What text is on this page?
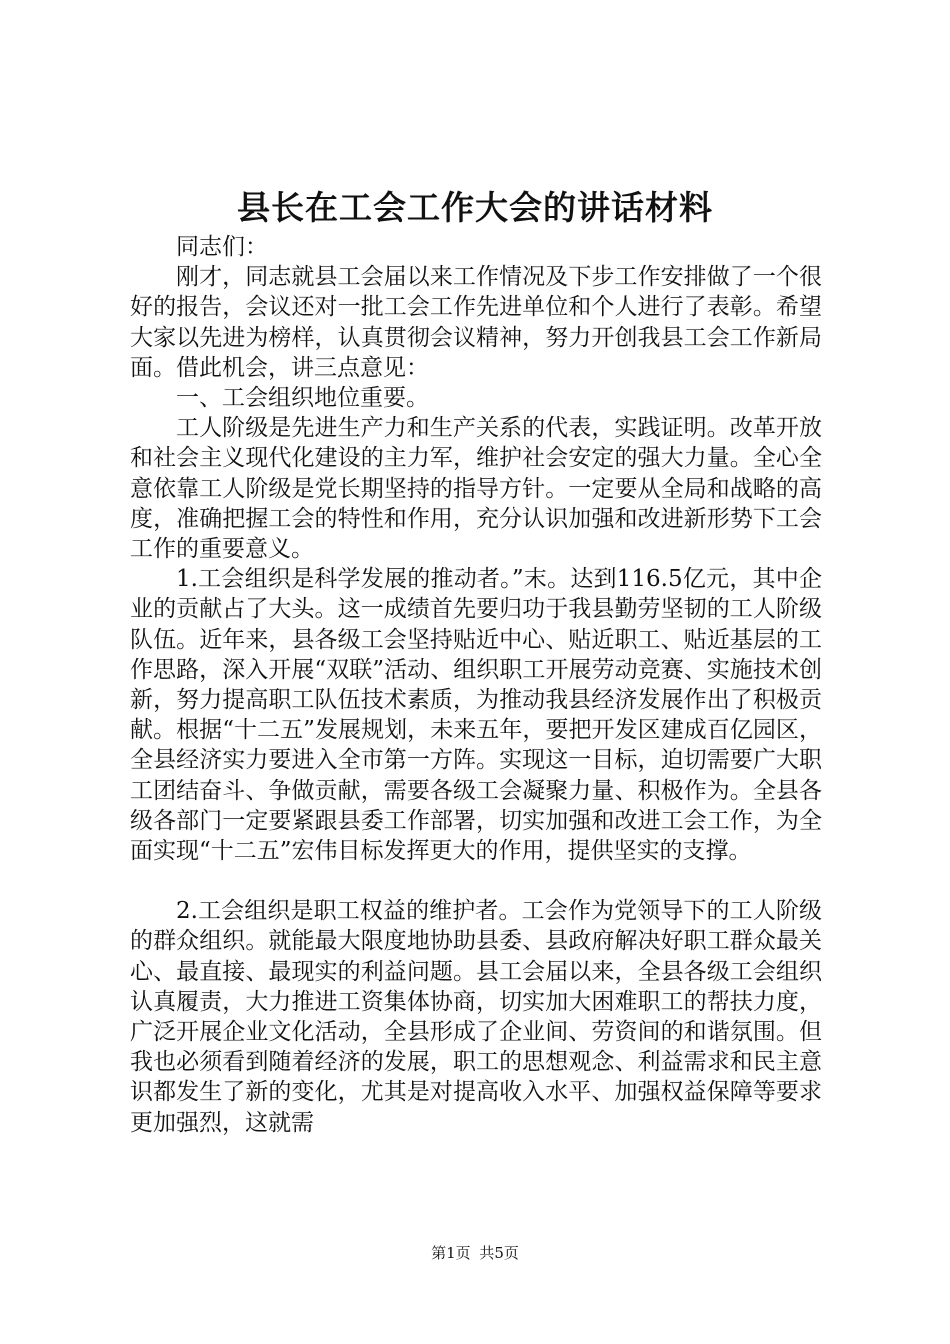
县长在工会工作大会的讲话材料

同志们：

刚才，同志就县工会届以来工作情况及下步工作安排做了一个很好的报告，会议还对一批工会工作先进单位和个人进行了表彰。希望大家以先进为榜样，认真贯彻会议精神，努力开创我县工会工作新局面。借此机会，讲三点意见：

一、工会组织地位重要。

工人阶级是先进生产力和生产关系的代表，实践证明。改革开放和社会主义现代化建设的主力军，维护社会安定的强大力量。全心全意依靠工人阶级是党长期坚持的指导方针。一定要从全局和战略的高度，准确把握工会的特性和作用，充分认识加强和改进新形势下工会工作的重要意义。

1.工会组织是科学发展的推动者。”末。达到116.5亿元，其中企业的贡献占了大头。这一成绩首先要归功于我县勤劳坚韧的工人阶级队伍。近年来，县各级工会坚持贴近中心、贴近职工、贴近基层的工作思路，深入开展“双联”活动、组织职工开展劳动竞赛、实施技术创新，努力提高职工队伍技术素质，为推动我县经济发展作出了积极贡献。根据“十二五”发展规划，未来五年，要把开发区建成百亿园区，全县经济实力要进入全市第一方阵。实现这一目标，迫切需要广大职工团结奋斗、争做贡献，需要各级工会凝聚力量、积极作为。全县各级各部门一定要紧跟县委工作部署，切实加强和改进工会工作，为全面实现“十二五”宏伟目标发挥更大的作用，提供坚实的支撑。

2.工会组织是职工权益的维护者。工会作为党领导下的工人阶级的群众组织。就能最大限度地协助县委、县政府解决好职工群众最关心、最直接、最现实的利益问题。县工会届以来，全县各级工会组织认真履责，大力推进工资集体协商，切实加大困难职工的帮扶力度，广泛开展企业文化活动，全县形成了企业间、劳资间的和谐氛围。但我也必须看到随着经济的发展，职工的思想观念、利益需求和民主意识都发生了新的变化，尤其是对提高收入水平、加强权益保障等要求更加强烈，这就需

第1页 共5页
